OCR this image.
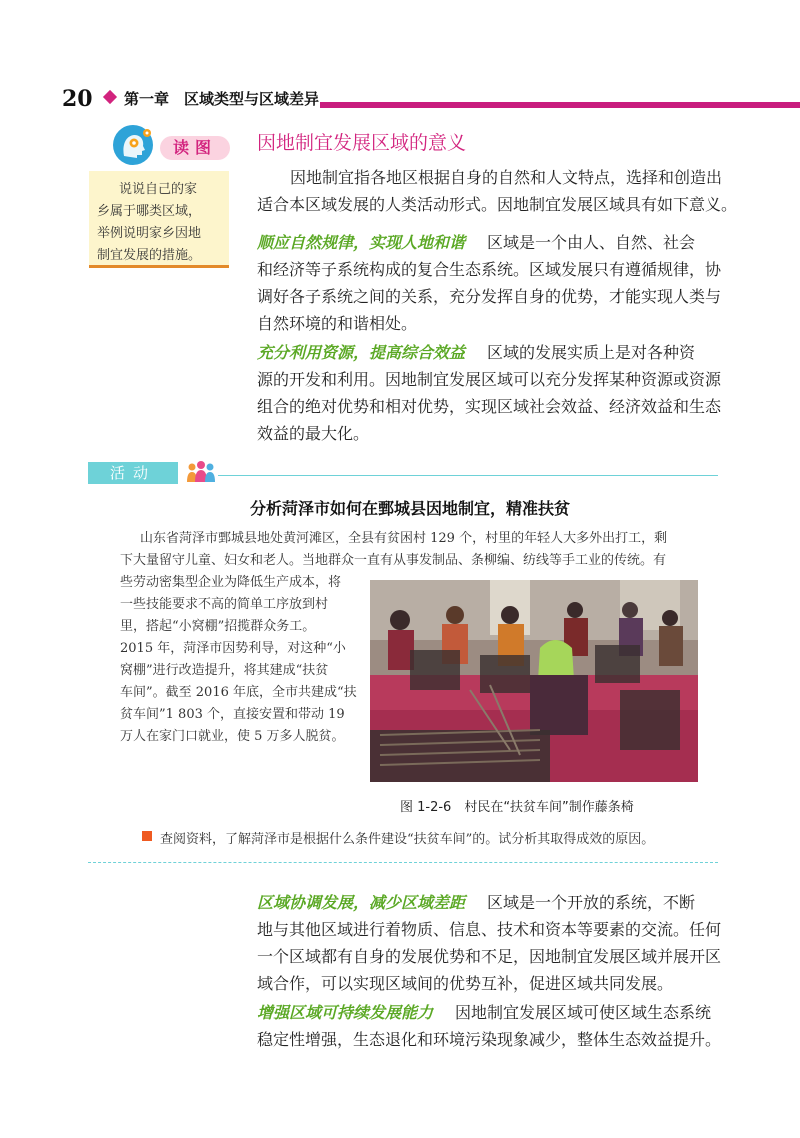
20 第一章 区域类型与区域差异
读图
说说自己的家
乡属于哪类区域，
举例说明家乡因地
制宜发展的措施。
因地制宜发展区域的意义
因地制宜指各地区根据自身的自然和人文特点，选择和创造出
适合本区域发展的人类活动形式。因地制宜发展区域具有如下意义。
顺应自然规律，实现人地和谐 区域是一个由人、自然、社会
和经济等子系统构成的复合生态系统。区域发展只有遵循规律，协
调好各子系统之间的关系，充分发挥自身的优势，才能实现人类与
自然环境的和谐相处。
充分利用资源，提高综合效益 区域的发展实质上是对各种资
源的开发和利用。因地制宜发展区域可以充分发挥某种资源或资源
组合的绝对优势和相对优势，实现区域社会效益、经济效益和生态
效益的最大化。
活动
分析菏泽市如何在鄄城县因地制宜，精准扶贫
山东省菏泽市鄄城县地处黄河滩区，全县有贫困村 129 个，村里的年轻人大多外出打工，剩
下大量留守儿童、妇女和老人。当地群众一直有从事发制品、条柳编、纺线等手工业的传统。有
些劳动密集型企业为降低生产成本，将
一些技能要求不高的简单工序放到村
里，搭起“小窝棚”招揽群众务工。
2015 年，菏泽市因势利导，对这种“小
窝棚”进行改造提升，将其建成“扶贫
车间”。截至 2016 年底，全市共建成“扶
贫车间”1 803 个，直接安置和带动 19
万人在家门口就业，使 5 万多人脱贫。
图 1-2-6　村民在“扶贫车间”制作藤条椅
查阅资料，了解菏泽市是根据什么条件建设“扶贫车间”的。试分析其取得成效的原因。
区域协调发展，减少区域差距 区域是一个开放的系统，不断
地与其他区域进行着物质、信息、技术和资本等要素的交流。任何
一个区域都有自身的发展优势和不足，因地制宜发展区域并展开区
域合作，可以实现区域间的优势互补，促进区域共同发展。
增强区域可持续发展能力 因地制宜发展区域可使区域生态系统
稳定性增强，生态退化和环境污染现象减少，整体生态效益提升。
